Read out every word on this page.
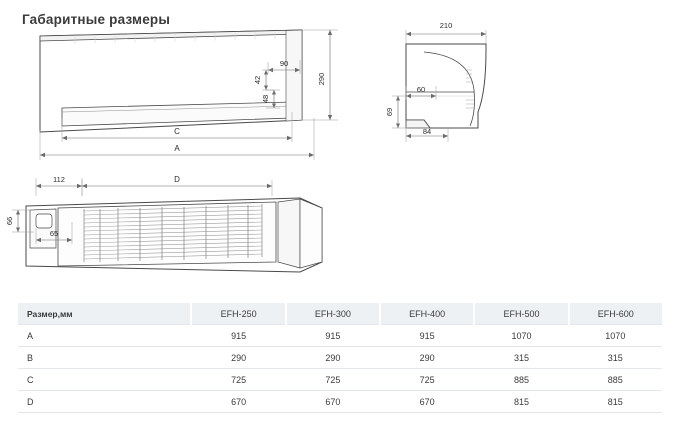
Габаритные размеры
290
90
42
48
C
A
210
60
69
84
112	D
66
65
Размер,мм	EFH-250	EFH-300	EFH-400	EFH-500	EFH-600
A	915	915	915	1070	1070
B	290	290	290	315	315
C	725	725	725	885	885
D	670	670	670	815	815
